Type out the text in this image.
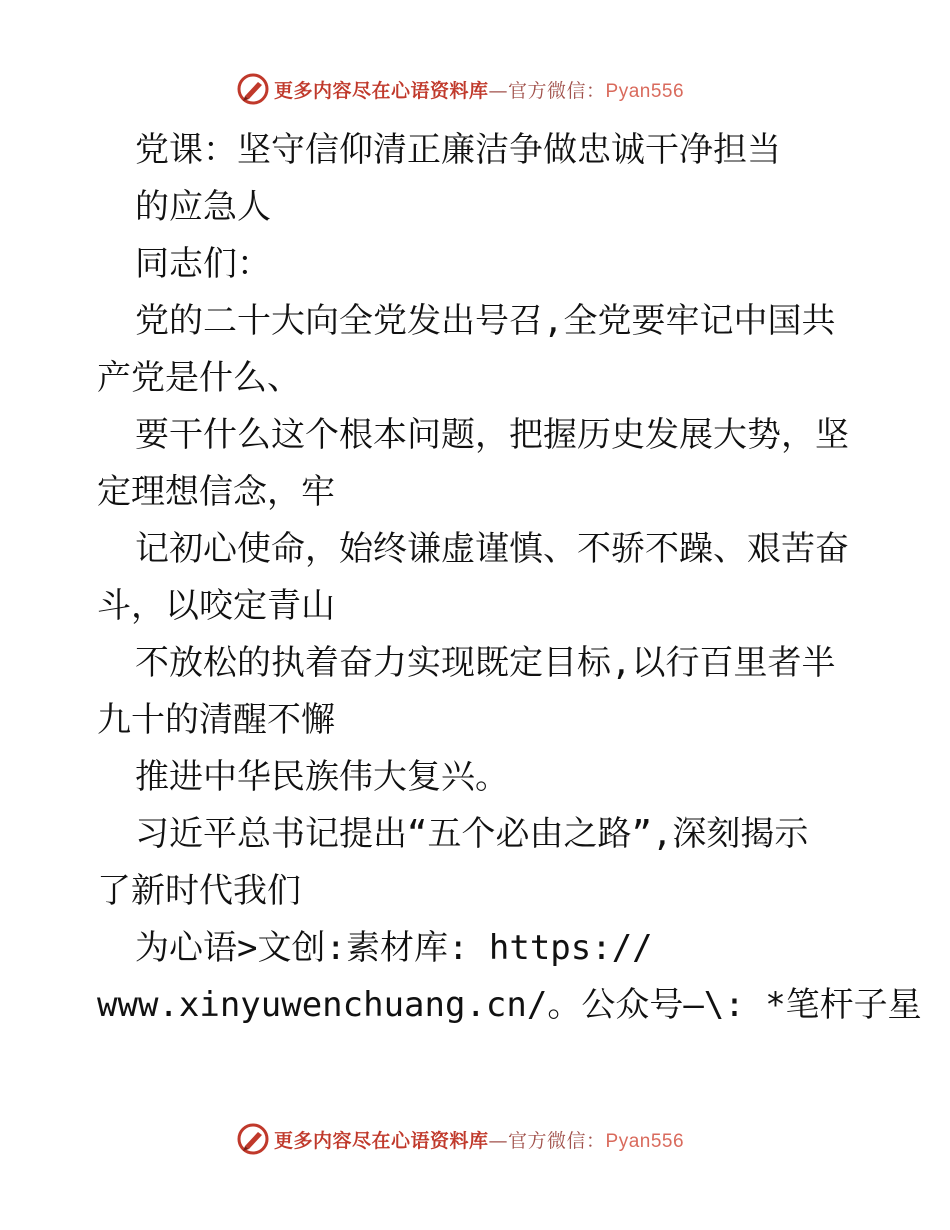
更多内容尽在心语资料库—官方微信：Pyan556
党课：坚守信仰清正廉洁争做忠诚干净担当
的应急人
同志们：
党的二十大向全党发出号召,全党要牢记中国共
产党是什么、
要干什么这个根本问题，把握历史发展大势，坚
定理想信念，牢
记初心使命，始终谦虚谨慎、不骄不躁、艰苦奋
斗，以咬定青山
不放松的执着奋力实现既定目标,以行百里者半
九十的清醒不懈
推进中华民族伟大复兴。
习近平总书记提出“五个必由之路”,深刻揭示
了新时代我们
为心语>文创:素材库: https://
www.xinyuwenchuang.cn/。公众号—\: *笔杆子星
更多内容尽在心语资料库—官方微信：Pyan556
